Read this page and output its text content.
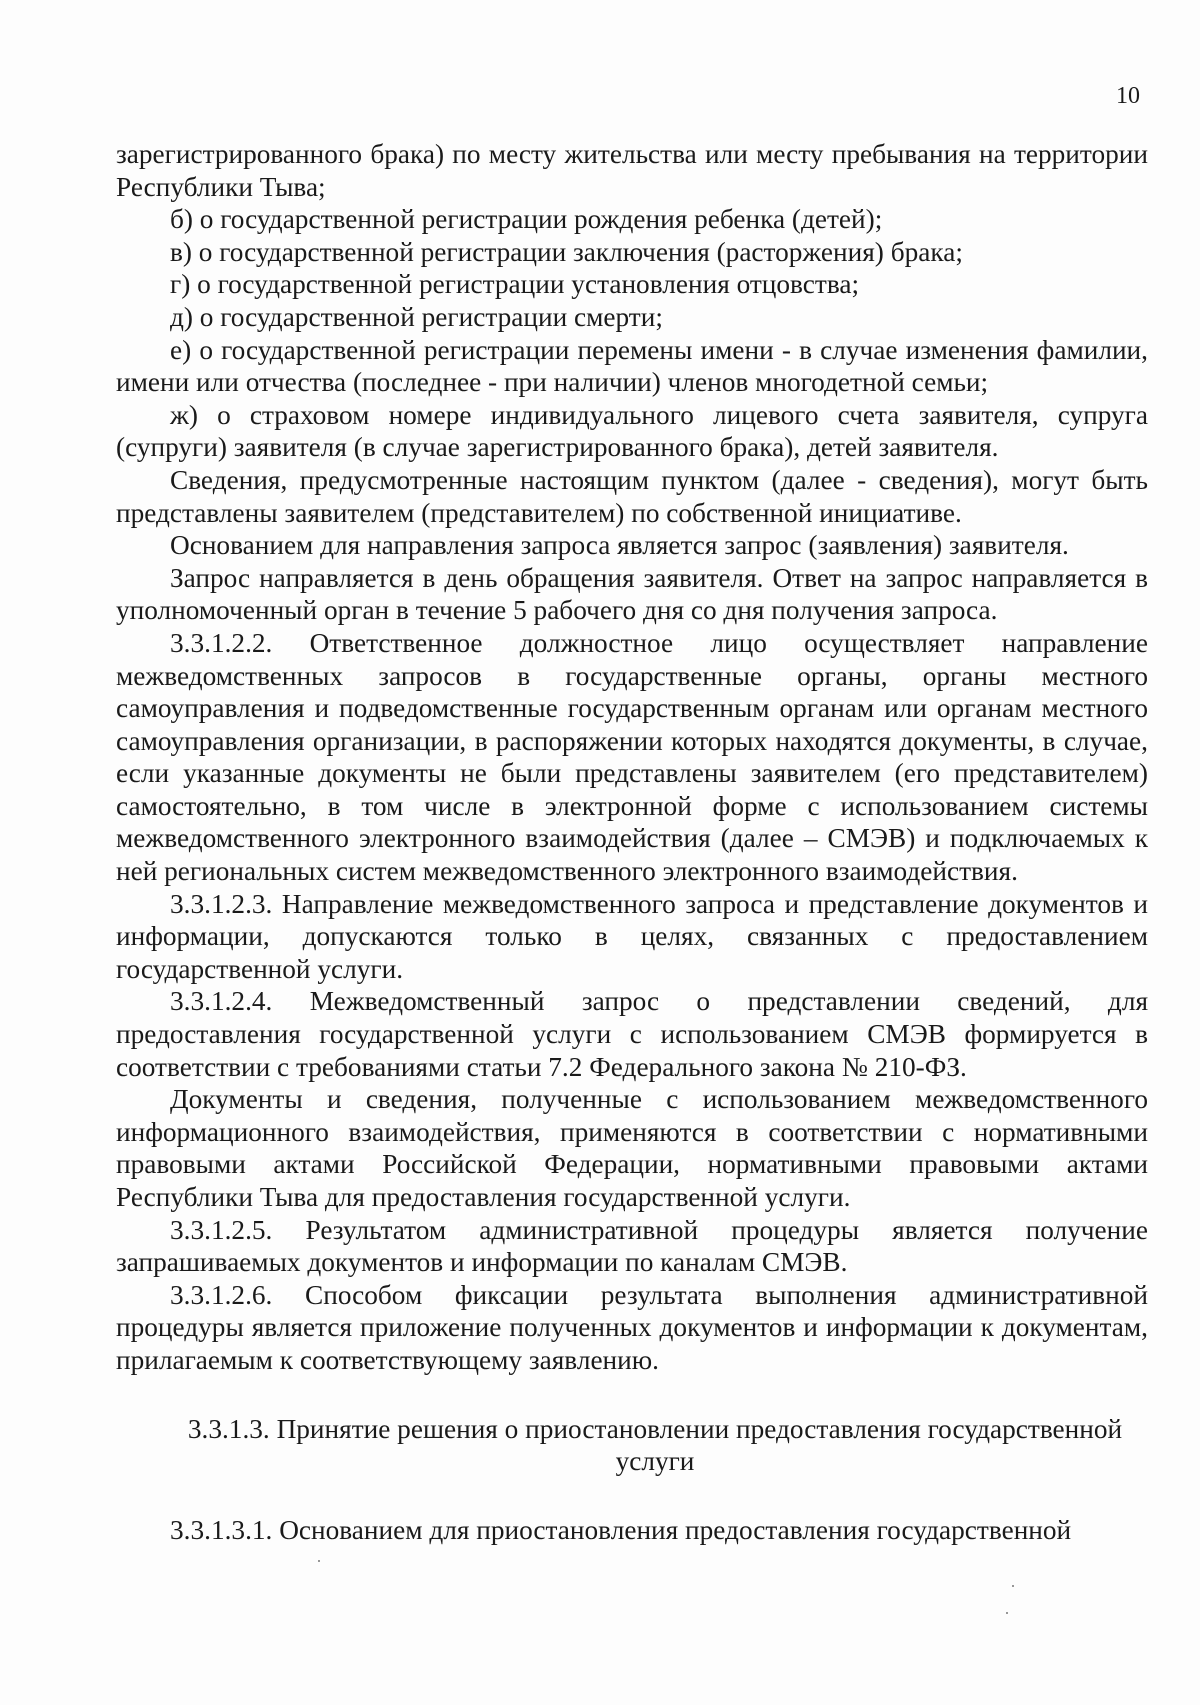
10

зарегистрированного брака) по месту жительства или месту пребывания на территории Республики Тыва;

б) о государственной регистрации рождения ребенка (детей);

в) о государственной регистрации заключения (расторжения) брака;

г) о государственной регистрации установления отцовства;

д) о государственной регистрации смерти;

е) о государственной регистрации перемены имени - в случае изменения фамилии, имени или отчества (последнее - при наличии) членов многодетной семьи;

ж) о страховом номере индивидуального лицевого счета заявителя, супруга (супруги) заявителя (в случае зарегистрированного брака), детей заявителя.

Сведения, предусмотренные настоящим пунктом (далее - сведения), могут быть представлены заявителем (представителем) по собственной инициативе.

Основанием для направления запроса является запрос (заявления) заявителя.

Запрос направляется в день обращения заявителя. Ответ на запрос направляется в уполномоченный орган в течение 5 рабочего дня со дня получения запроса.

3.3.1.2.2. Ответственное должностное лицо осуществляет направление межведомственных запросов в государственные органы, органы местного самоуправления и подведомственные государственным органам или органам местного самоуправления организации, в распоряжении которых находятся документы, в случае, если указанные документы не были представлены заявителем (его представителем) самостоятельно, в том числе в электронной форме с использованием системы межведомственного электронного взаимодействия (далее – СМЭВ) и подключаемых к ней региональных систем межведомственного электронного взаимодействия.

3.3.1.2.3. Направление межведомственного запроса и представление документов и информации, допускаются только в целях, связанных с предоставлением государственной услуги.

3.3.1.2.4. Межведомственный запрос о представлении сведений, для предоставления государственной услуги с использованием СМЭВ формируется в соответствии с требованиями статьи 7.2 Федерального закона № 210-ФЗ.

Документы и сведения, полученные с использованием межведомственного информационного взаимодействия, применяются в соответствии с нормативными правовыми актами Российской Федерации, нормативными правовыми актами Республики Тыва для предоставления государственной услуги.

3.3.1.2.5. Результатом административной процедуры является получение запрашиваемых документов и информации по каналам СМЭВ.

3.3.1.2.6. Способом фиксации результата выполнения административной процедуры является приложение полученных документов и информации к документам, прилагаемым к соответствующему заявлению.

3.3.1.3. Принятие решения о приостановлении предоставления государственной услуги

3.3.1.3.1. Основанием для приостановления предоставления государственной
